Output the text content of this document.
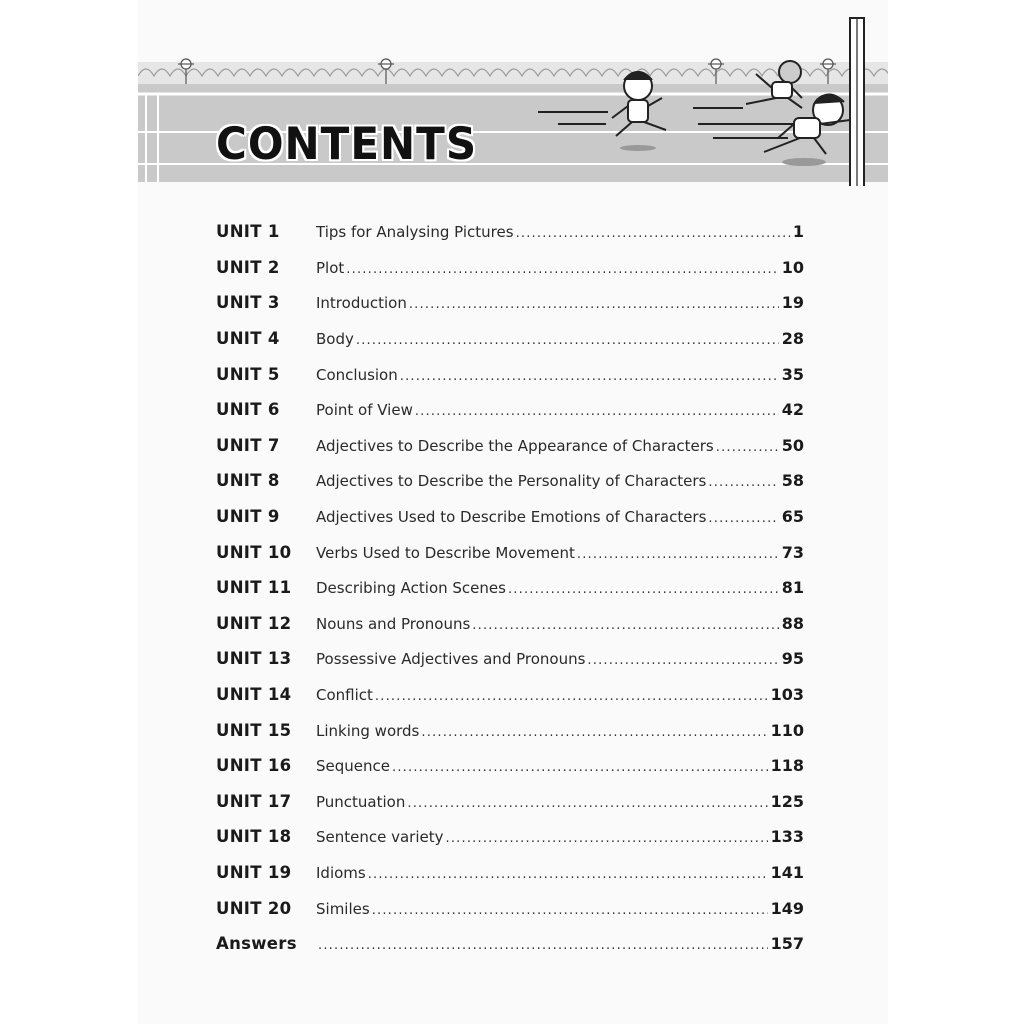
CONTENTS
UNIT 1	Tips for Analysing Pictures .....	1
UNIT 2	Plot .....	10
UNIT 3	Introduction .....	19
UNIT 4	Body .....	28
UNIT 5	Conclusion .....	35
UNIT 6	Point of View .....	42
UNIT 7	Adjectives to Describe the Appearance of Characters .....	50
UNIT 8	Adjectives to Describe the Personality of Characters .....	58
UNIT 9	Adjectives Used to Describe Emotions of Characters .....	65
UNIT 10	Verbs Used to Describe Movement .....	73
UNIT 11	Describing Action Scenes .....	81
UNIT 12	Nouns and Pronouns .....	88
UNIT 13	Possessive Adjectives and Pronouns .....	95
UNIT 14	Conflict .....	103
UNIT 15	Linking words .....	110
UNIT 16	Sequence .....	118
UNIT 17	Punctuation .....	125
UNIT 18	Sentence variety .....	133
UNIT 19	Idioms .....	141
UNIT 20	Similes .....	149
Answers .....	157
